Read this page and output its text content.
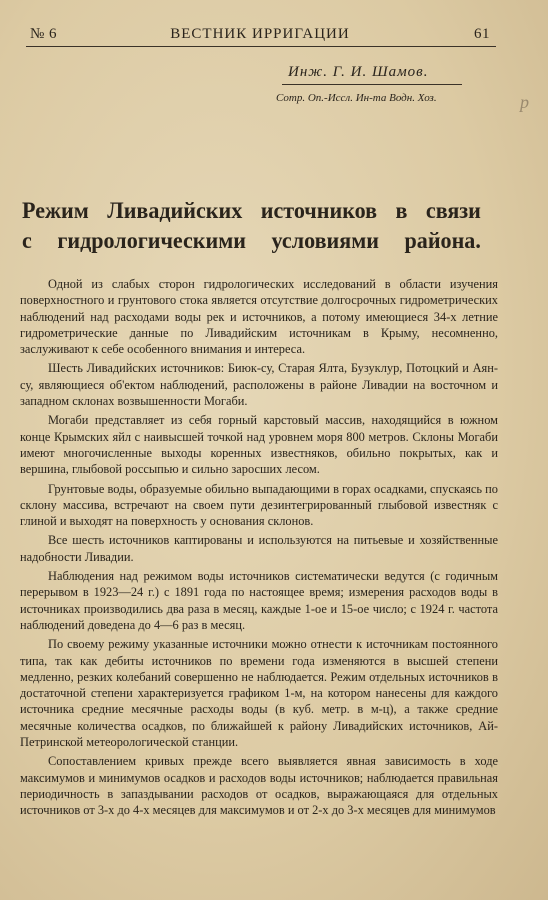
№ 6	ВЕСТНИК ИРРИГАЦИИ	61
Инж. Г. И. Шамов.
Сотр. Оп.-Иссл. Ин-та Водн. Хоз.	р
Режим Ливадийских источников в связи
с гидрологическими условиями района.

Одной из слабых сторон гидрологических исследований в области изучения поверхностного и грунтового стока является отсутствие долгосрочных гидрометрических наблюдений над расходами воды рек и источников, а потому имеющиеся 34-х летние гидрометрические данные по Ливадийским источникам в Крыму, несомненно, заслуживают к себе особенного внимания и интереса.

Шесть Ливадийских источников: Биюк-су, Старая Ялта, Бузуклур, Потоцкий и Аян-су, являющиеся об'ектом наблюдений, расположены в районе Ливадии на восточном и западном склонах возвышенности Могаби.

Могаби представляет из себя горный карстовый массив, находящийся в южном конце Крымских яйл с наивысшей точкой над уровнем моря 800 метров. Склоны Могаби имеют многочисленные выходы коренных известняков, обильно покрытых, как и вершина, глыбовой россыпью и сильно заросших лесом.

Грунтовые воды, образуемые обильно выпадающими в горах осадками, спускаясь по склону массива, встречают на своем пути дезинтегрированный глыбовой известняк с глиной и выходят на поверхность у основания склонов.

Все шесть источников каптированы и используются на питьевые и хозяйственные надобности Ливадии.

Наблюдения над режимом воды источников систематически ведутся (с годичным перерывом в 1923—24 г.) с 1891 года по настоящее время; измерения расходов воды в источниках производились два раза в месяц, каждые 1-ое и 15-ое число; с 1924 г. частота наблюдений доведена до 4—6 раз в месяц.

По своему режиму указанные источники можно отнести к источникам постоянного типа, так как дебиты источников по времени года изменяются в высшей степени медленно, резких колебаний совершенно не наблюдается. Режим отдельных источников в достаточной степени характеризуется графиком 1-м, на котором нанесены для каждого источника средние месячные расходы воды (в куб. метр. в м-ц), а также средние месячные количества осадков, по ближайшей к району Ливадийских источников, Ай-Петринской метеорологической станции.

Сопоставлением кривых прежде всего выявляется явная зависимость в ходе максимумов и минимумов осадков и расходов воды источников; наблюдается правильная периодичность в запаздывании расходов от осадков, выражающаяся для отдельных источников от 3-х до 4-х месяцев для максимумов и от 2-х до 3-х месяцев для минимумов
